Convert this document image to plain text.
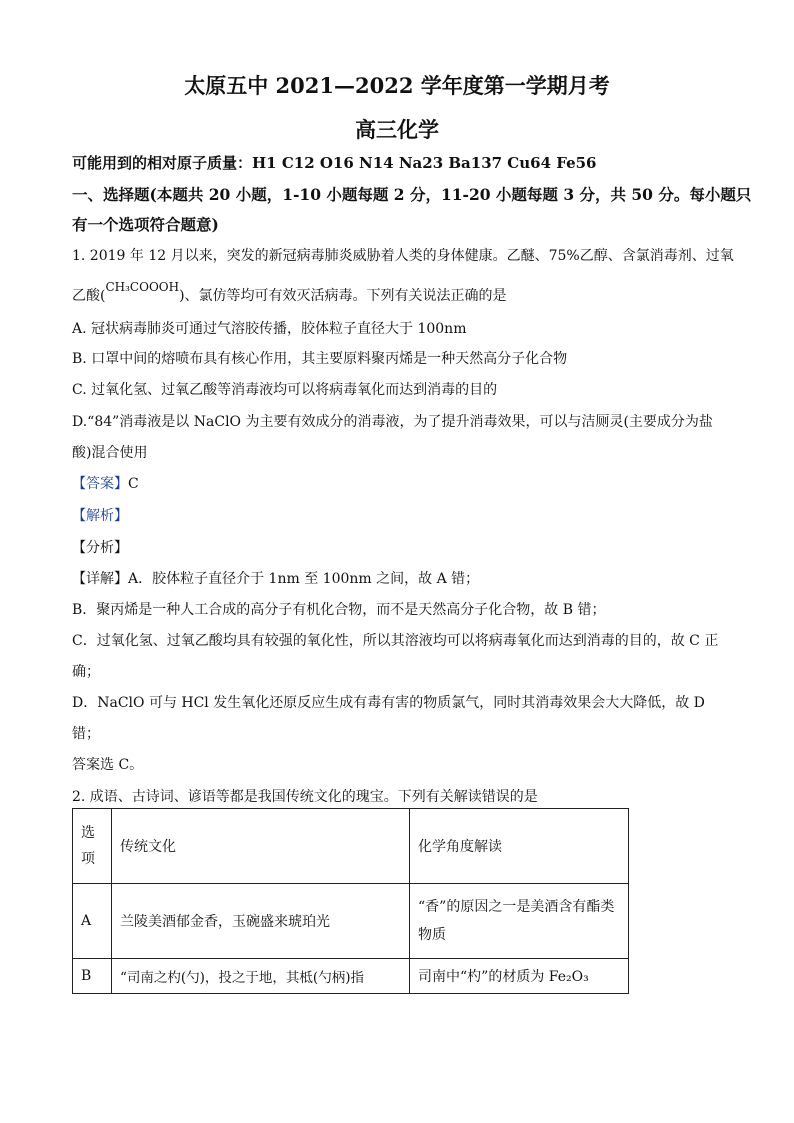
太原五中 2021—2022 学年度第一学期月考
高三化学
可能用到的相对原子质量：H1 C12 O16 N14 Na23 Ba137 Cu64 Fe56
一、选择题(本题共 20 小题，1-10 小题每题 2 分，11-20 小题每题 3 分，共 50 分。每小题只
有一个选项符合题意)
1. 2019 年 12 月以来，突发的新冠病毒肺炎威胁着人类的身体健康。乙醚、75%乙醇、含氯消毒剂、过氧
乙酸(CH₃COOOH)、氯仿等均可有效灭活病毒。下列有关说法正确的是
A. 冠状病毒肺炎可通过气溶胶传播，胶体粒子直径大于 100nm
B. 口罩中间的熔喷布具有核心作用，其主要原料聚丙烯是一种天然高分子化合物
C. 过氧化氢、过氧乙酸等消毒液均可以将病毒氧化而达到消毒的目的
D.“84”消毒液是以 NaClO 为主要有效成分的消毒液，为了提升消毒效果，可以与洁厕灵(主要成分为盐
酸)混合使用
【答案】C
【解析】
【分析】
【详解】A．胶体粒子直径介于 1nm 至 100nm 之间，故 A 错；
B．聚丙烯是一种人工合成的高分子有机化合物，而不是天然高分子化合物，故 B 错；
C．过氧化氢、过氧乙酸均具有较强的氧化性，所以其溶液均可以将病毒氧化而达到消毒的目的，故 C 正
确；
D．NaClO 可与 HCl 发生氧化还原反应生成有毒有害的物质氯气，同时其消毒效果会大大降低，故 D
错；
答案选 C。
2. 成语、古诗词、谚语等都是我国传统文化的瑰宝。下列有关解读错误的是
选项	传统文化	化学角度解读
A	兰陵美酒郁金香，玉碗盛来琥珀光	“香”的原因之一是美酒含有酯类物质
B	“司南之杓(勺)，投之于地，其柢(勺柄)指	司南中“杓”的材质为 Fe₂O₃
